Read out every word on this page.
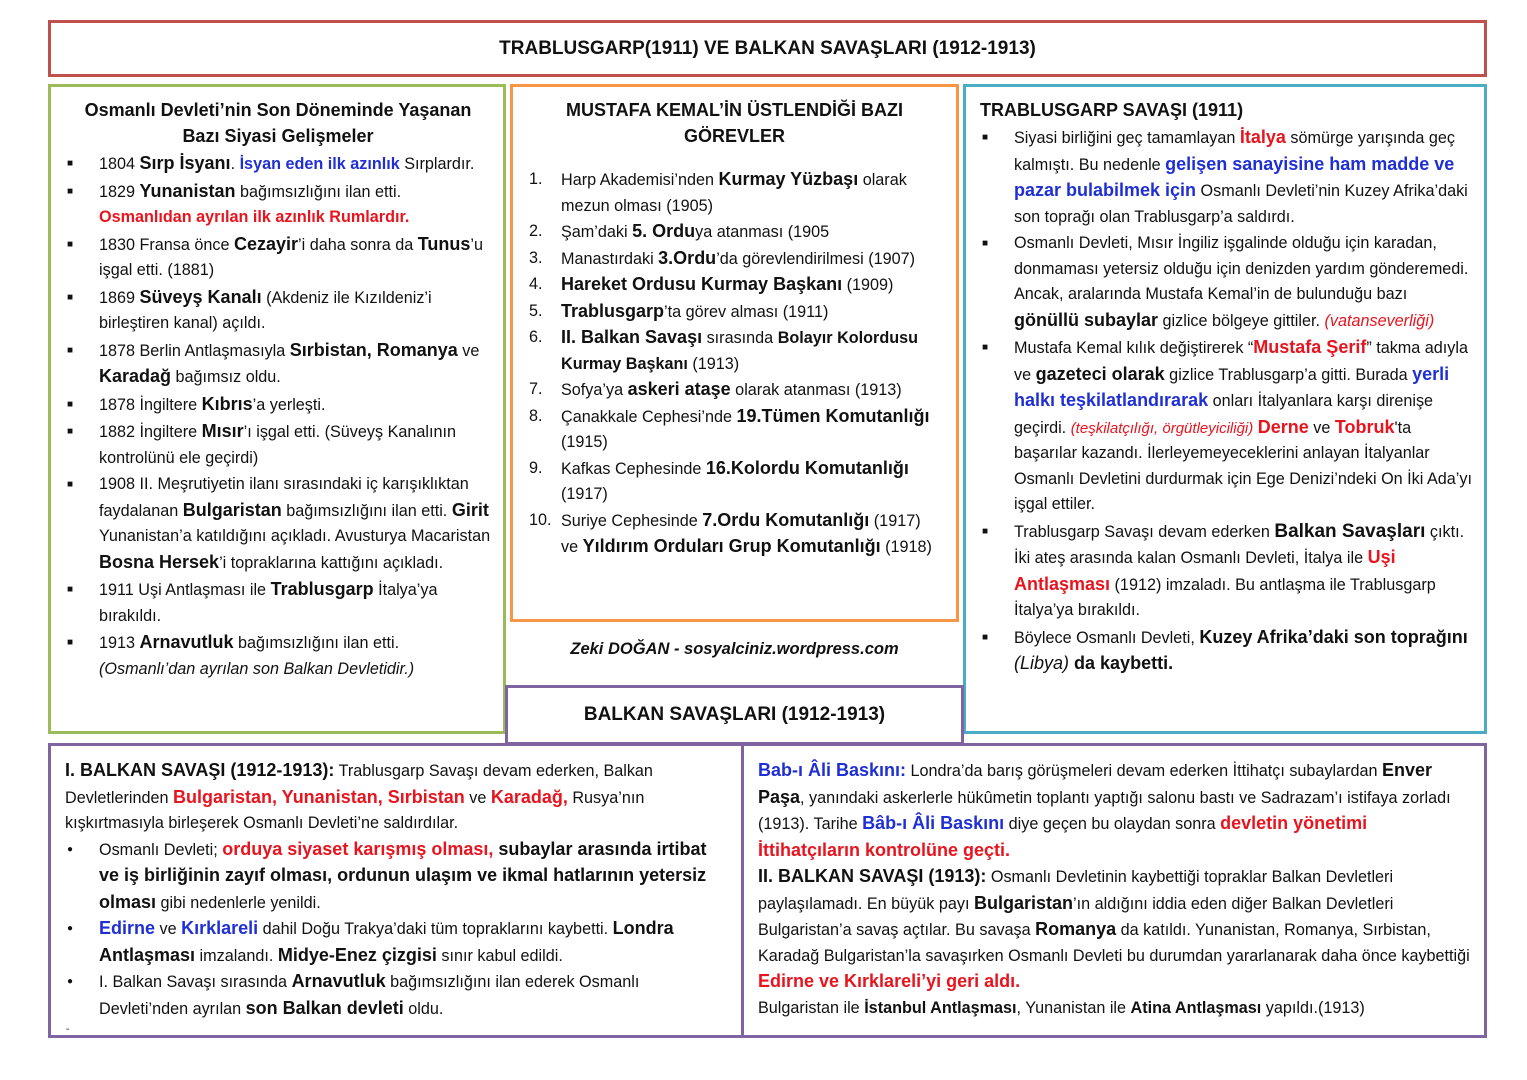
TRABLUSGARP(1911) VE BALKAN SAVAŞLARI (1912-1913)
Osmanlı Devleti’nin Son Döneminde Yaşanan Bazı Siyasi Gelişmeler
■ 1804 Sırp İsyanı. İsyan eden ilk azınlık Sırplardır.
■ 1829 Yunanistan bağımsızlığını ilan etti. Osmanlıdan ayrılan ilk azınlık Rumlardır.
■ 1830 Fransa önce Cezayir’i daha sonra da Tunus’u işgal etti. (1881)
■ 1869 Süveyş Kanalı (Akdeniz ile Kızıldeniz’i birleştiren kanal) açıldı.
■ 1878 Berlin Antlaşmasıyla Sırbistan, Romanya ve Karadağ bağımsız oldu.
■ 1878 İngiltere Kıbrıs’a yerleşti.
■ 1882 İngiltere Mısır’ı işgal etti. (Süveyş Kanalının kontrolünü ele geçirdi)
■ 1908 II. Meşrutiyetin ilanı sırasındaki iç karışıklıktan faydalanan Bulgaristan bağımsızlığını ilan etti. Girit Yunanistan’a katıldığını açıkladı. Avusturya Macaristan Bosna Hersek’i topraklarına kattığını açıkladı.
■ 1911 Uşi Antlaşması ile Trablusgarp İtalya’ya bırakıldı.
■ 1913 Arnavutluk bağımsızlığını ilan etti. (Osmanlı’dan ayrılan son Balkan Devletidir.)
MUSTAFA KEMAL’İN ÜSTLENDİĞİ BAZI GÖREVLER
1. Harp Akademisi’nden Kurmay Yüzbaşı olarak mezun olması (1905)
2. Şam’daki 5. Orduya atanması (1905
3. Manastırdaki 3.Ordu’da görevlendirilmesi (1907)
4. Hareket Ordusu Kurmay Başkanı (1909)
5. Trablusgarp’ta görev alması (1911)
6. II. Balkan Savaşı sırasında Bolayır Kolordusu Kurmay Başkanı (1913)
7. Sofya’ya askeri ataşe olarak atanması (1913)
8. Çanakkale Cephesi’nde 19.Tümen Komutanlığı (1915)
9. Kafkas Cephesinde 16.Kolordu Komutanlığı (1917)
10. Suriye Cephesinde 7.Ordu Komutanlığı (1917) ve Yıldırım Orduları Grup Komutanlığı (1918)
Zeki DOĞAN - sosyalciniz.wordpress.com
TRABLUSGARP SAVAŞI (1911)
■ Siyasi birliğini geç tamamlayan İtalya sömürge yarışında geç kalmıştı. Bu nedenle gelişen sanayisine ham madde ve pazar bulabilmek için Osmanlı Devleti’nin Kuzey Afrika’daki son toprağı olan Trablusgarp’a saldırdı.
■ Osmanlı Devleti, Mısır İngiliz işgalinde olduğu için karadan, donmaması yetersiz olduğu için denizden yardım gönderemedi. Ancak, aralarında Mustafa Kemal’in de bulunduğu bazı gönüllü subaylar gizlice bölgeye gittiler. (vatanseverliği)
■ Mustafa Kemal kılık değiştirerek “Mustafa Şerif” takma adıyla ve gazeteci olarak gizlice Trablusgarp’a gitti. Burada yerli halkı teşkilatlandırarak onları İtalyanlara karşı direnişe geçirdi. (teşkilatçılığı, örgütleyiciliği) Derne ve Tobruk'ta başarılar kazandı. İlerleyemeyeceklerini anlayan İtalyanlar Osmanlı Devletini durdurmak için Ege Denizi’ndeki On İki Ada’yı işgal ettiler.
■ Trablusgarp Savaşı devam ederken Balkan Savaşları çıktı. İki ateş arasında kalan Osmanlı Devleti, İtalya ile Uşi Antlaşması (1912) imzaladı. Bu antlaşma ile Trablusgarp İtalya’ya bırakıldı.
■ Böylece Osmanlı Devleti, Kuzey Afrika’daki son toprağını (Libya) da kaybetti.
BALKAN SAVAŞLARI (1912-1913)

I. BALKAN SAVAŞI (1912-1913): Trablusgarp Savaşı devam ederken, Balkan Devletlerinden Bulgaristan, Yunanistan, Sırbistan ve Karadağ, Rusya’nın kışkırtmasıyla birleşerek Osmanlı Devleti’ne saldırdılar.

● Osmanlı Devleti; orduya siyaset karışmış olması, subaylar arasında irtibat ve iş birliğinin zayıf olması, ordunun ulaşım ve ikmal hatlarının yetersiz olması gibi nedenlerle yenildi.
● Edirne ve Kırklareli dahil Doğu Trakya’daki tüm topraklarını kaybetti. Londra Antlaşması imzalandı. Midye-Enez çizgisi sınır kabul edildi.
● I. Balkan Savaşı sırasında Arnavutluk bağımsızlığını ilan ederek Osmanlı Devleti’nden ayrılan son Balkan devleti oldu.
-

Bab-ı Âli Baskını: Londra’da barış görüşmeleri devam ederken İttihatçı subaylardan Enver Paşa, yanındaki askerlerle hükûmetin toplantı yaptığı salonu bastı ve Sadrazam’ı istifaya zorladı (1913). Tarihe Bâb-ı Âli Baskını diye geçen bu olaydan sonra devletin yönetimi İttihatçıların kontrolüne geçti.

II. BALKAN SAVAŞI (1913): Osmanlı Devletinin kaybettiği topraklar Balkan Devletleri paylaşılamadı. En büyük payı Bulgaristan’ın aldığını iddia eden diğer Balkan Devletleri Bulgaristan’a savaş açtılar. Bu savaşa Romanya da katıldı. Yunanistan, Romanya, Sırbistan, Karadağ Bulgaristan’la savaşırken Osmanlı Devleti bu durumdan yararlanarak daha önce kaybettiği Edirne ve Kırklareli’yi geri aldı.

Bulgaristan ile İstanbul Antlaşması, Yunanistan ile Atina Antlaşması yapıldı.(1913)
